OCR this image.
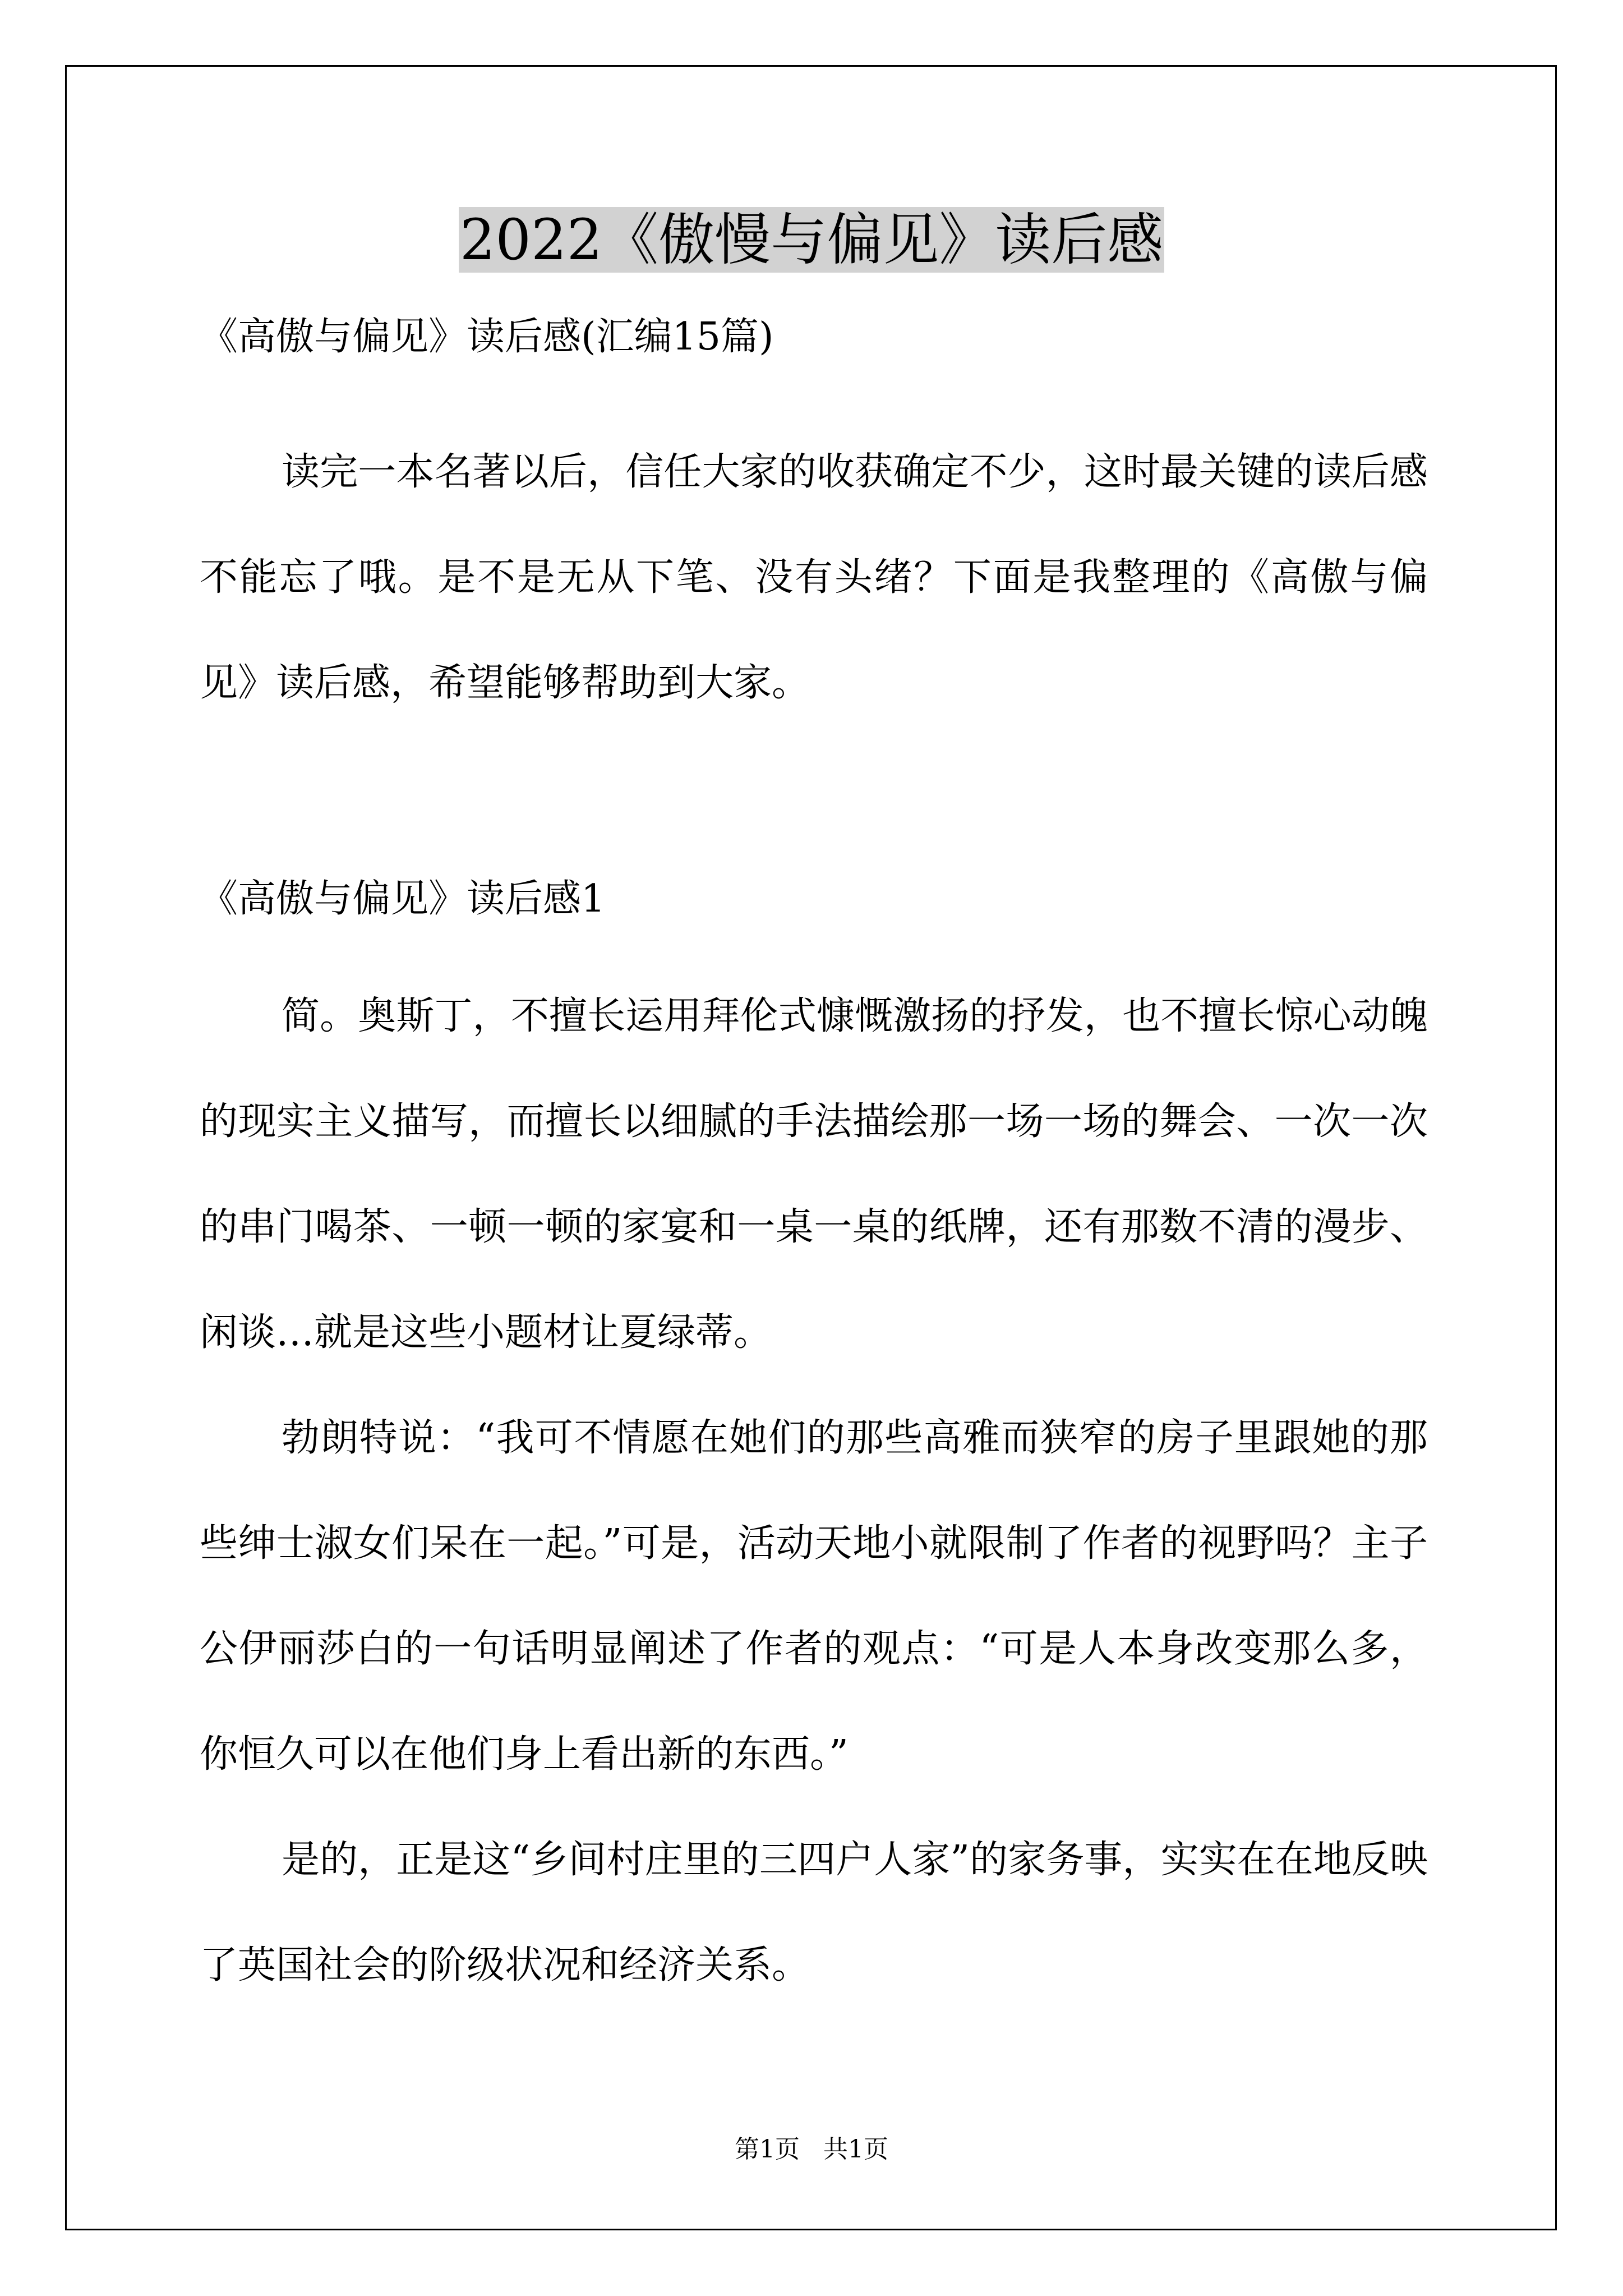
2022《傲慢与偏见》读后感
《高傲与偏见》读后感(汇编15篇)

读完一本名著以后，信任大家的收获确定不少，这时最关键的读后感不能忘了哦。是不是无从下笔、没有头绪？下面是我整理的《高傲与偏见》读后感，希望能够帮助到大家。

《高傲与偏见》读后感1

简。奥斯丁，不擅长运用拜伦式慷慨激扬的抒发，也不擅长惊心动魄的现实主义描写，而擅长以细腻的手法描绘那一场一场的舞会、一次一次的串门喝茶、一顿一顿的家宴和一桌一桌的纸牌，还有那数不清的漫步、闲谈…就是这些小题材让夏绿蒂。

勃朗特说：“我可不情愿在她们的那些高雅而狭窄的房子里跟她的那些绅士淑女们呆在一起。”可是，活动天地小就限制了作者的视野吗？主子公伊丽莎白的一句话明显阐述了作者的观点：“可是人本身改变那么多，你恒久可以在他们身上看出新的东西。”

是的，正是这“乡间村庄里的三四户人家”的家务事，实实在在地反映了英国社会的阶级状况和经济关系。

第1页   共1页
